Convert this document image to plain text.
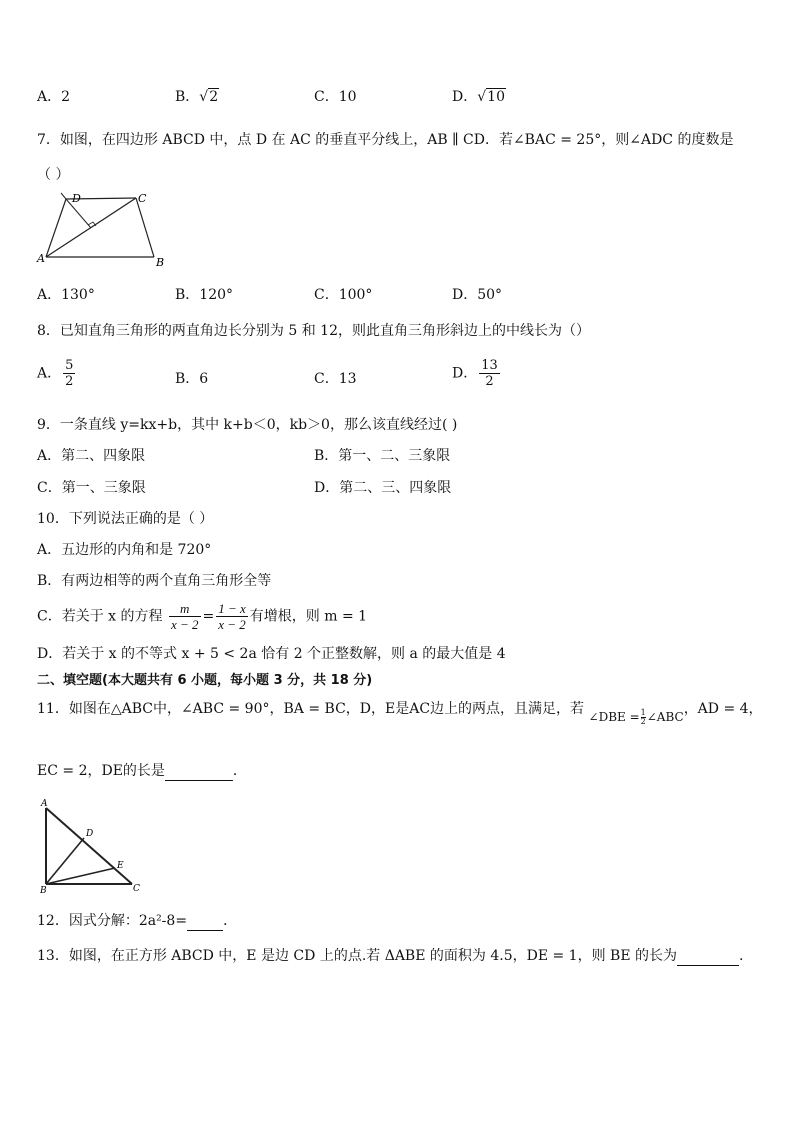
A．2	B．√2	C．10	D．√10
7．如图，在四边形 ABCD 中，点 D 在 AC 的垂直平分线上，AB ∥ CD．若∠BAC = 25°，则∠ADC 的度数是
（ ）
D	C
A	B
A．130°	B．120°	C．100°	D．50°
8．已知直角三角形的两直角边长分别为 5 和 12，则此直角三角形斜边上的中线长为（）
A． $\frac{5}{2}$	B．6	C．13	D． $\frac{13}{2}$
9．一条直线 y=kx+b，其中 k+b＜0，kb＞0，那么该直线经过( )
A．第二、四象限	B．第一、二、三象限
C．第一、三象限	D．第二、三、四象限
10．下列说法正确的是（ ）
A．五边形的内角和是 720°
B．有两边相等的两个直角三角形全等
C．若关于 x 的方程 $\frac{m}{x - 2} = \frac{1 - x}{x - 2}$ 有增根，则 m = 1
D．若关于 x 的不等式 x + 5 < 2a 恰有 2 个正整数解，则 a 的最大值是 4
二、填空题(本大题共有 6 小题，每小题 3 分，共 18 分)
11．如图在△ABC中，∠ABC = 90°，BA = BC，D，E是AC边上的两点，且满足，若 ∠DBE = $\frac{1}{2}\angle ABC$，AD = 4，
EC = 2，DE的长是	．
A
D
E
B	C
12．因式分解：2a²-8=	．
13．如图，在正方形 ABCD 中，E 是边 CD 上的点.若 ΔABE 的面积为 4.5，DE = 1，则 BE 的长为	.
